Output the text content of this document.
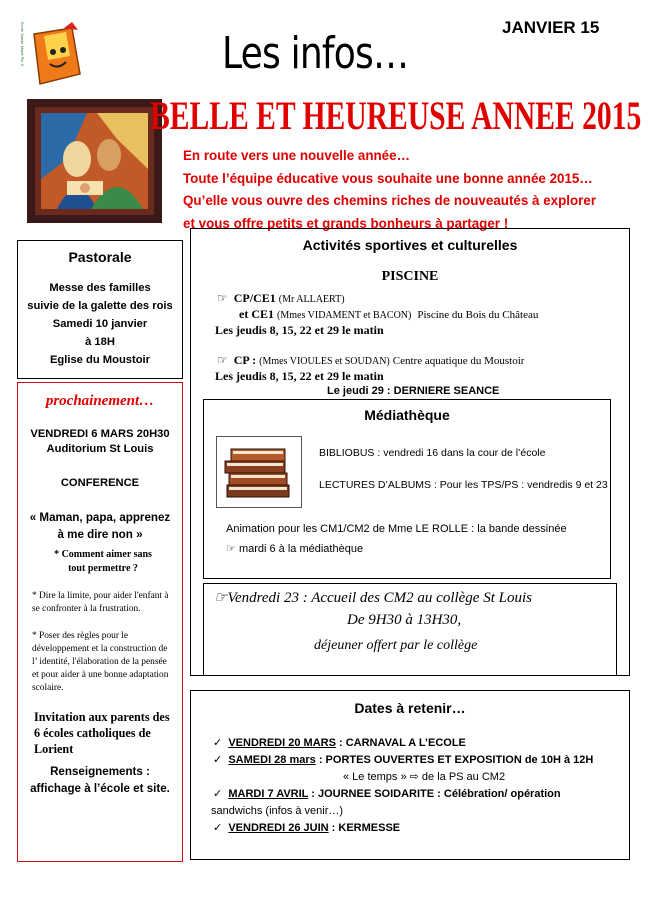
Ecole Sainte Marie Pie X	Les infos…
JANVIER 15
BELLE ET HEUREUSE ANNEE 2015

En route vers une nouvelle année…

Toute l’équipe éducative vous souhaite une bonne année 2015…

Qu’elle vous ouvre des chemins riches de nouveautés à explorer

et vous offre petits et grands bonheurs à partager !

Pastorale

Messe des familles

suivie de la galette des rois

Samedi 10 janvier

à 18H

Eglise du Moustoir

prochainement…
VENDREDI 6 MARS 20H30
Auditorium St Louis
CONFERENCE
« Maman, papa, apprenez à me dire non »
* Comment aimer sans tout permettre ?
* Dire la limite, pour aider l'enfant à se confronter à la frustration.
* Poser des règles pour le développement et la construction de l’ identité, l'élaboration de la pensée et pour aider à une bonne adaptation scolaire.
Invitation aux parents des 6 écoles catholiques de Lorient
Renseignements :
affichage à l’école et site.
Activités sportives et culturelles
PISCINE

☞ CP/CE1 (Mr ALLAERT)

et CE1 (Mmes VIDAMENT et BACON) Piscine du Bois du Château

Les jeudis 8, 15, 22 et 29 le matin

☞ CP : (Mmes VIOULES et SOUDAN) Centre aquatique du Moustoir

Les jeudis 8, 15, 22 et 29 le matin

Le jeudi 29 : DERNIERE SEANCE

Médiathèque
BIBLIOBUS : vendredi 16 dans la cour de l’école
LECTURES D’ALBUMS : Pour les TPS/PS : vendredis 9 et 23
Animation pour les CM1/CM2 de Mme LE ROLLE : la bande dessinée
☞ mardi 6 à la médiathèque
☞Vendredi 23 : Accueil des CM2 au collège St Louis
De 9H30 à 13H30,
déjeuner offert par le collège
Dates à retenir…

✓ VENDREDI 20 MARS : CARNAVAL A L’ECOLE

✓ SAMEDI 28 mars : PORTES OUVERTES ET EXPOSITION de 10H à 12H

« Le temps » ⇨ de la PS au CM2

✓ MARDI 7 AVRIL : JOURNEE SOIDARITE : Célébration/ opération

sandwichs (infos à venir…)

✓ VENDREDI 26 JUIN : KERMESSE
